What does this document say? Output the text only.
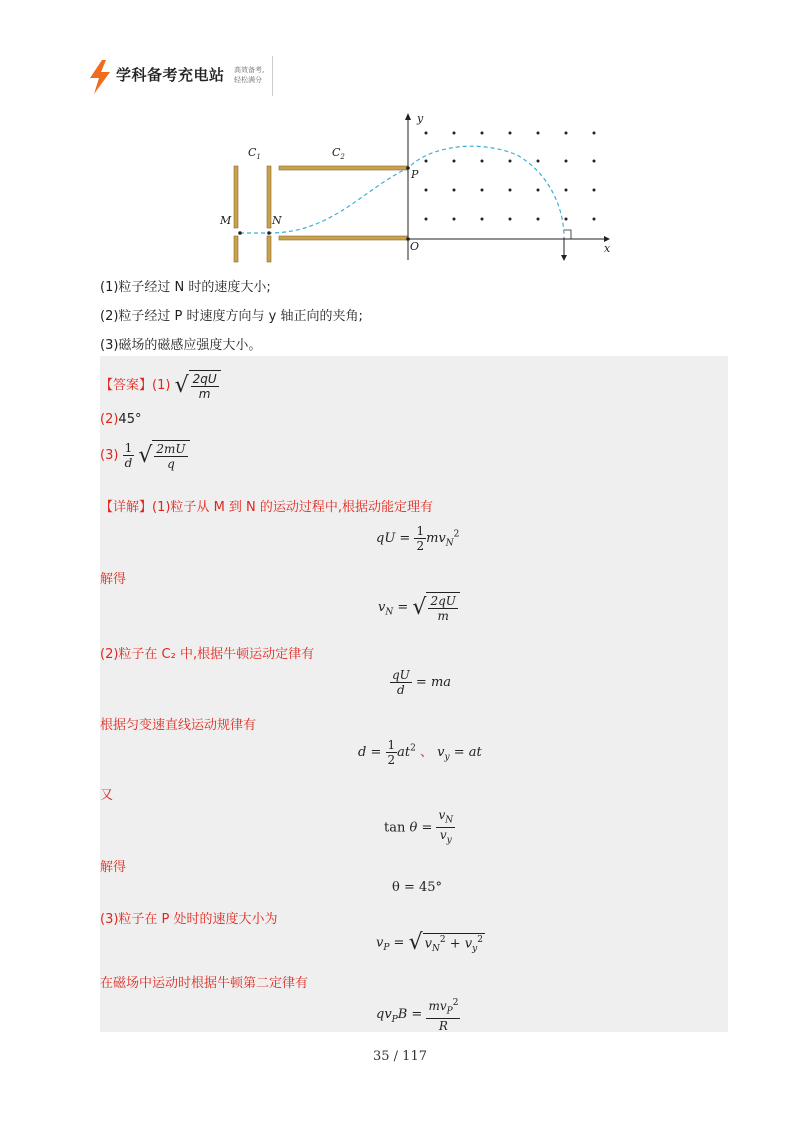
学科备考充电站 高效备考,
轻松满分
$C_1$	$C_2$
M	N
P
O	x
y
(1)粒子经过 N 时的速度大小;
(2)粒子经过 P 时速度方向与 y 轴正向的夹角;
(3)磁场的磁感应强度大小。
【答案】(1) √ $\frac{2qU}{m}$
(2)45°
$(3) \frac{1}{d}$
√ $\frac{2mU}{q}$
【详解】(1)粒子从 M 到 N 的运动过程中,根据动能定理有
qU = $\frac{1}{2} mv_N^2$
解得
$v_N$ = √ $\frac{2qU}{m}$
(2)粒子在 C₂ 中,根据牛顿运动定律有
$\frac{qU}{d}$ = ma
根据匀变速直线运动规律有
$d = \frac{1}{2} at^2$ 、 $v_y$ = at
又
$\tan \theta = \frac{v_N}{v_y}$
解得
θ = 45°
(3)粒子在 P 处时的速度大小为
$v_P$ = √ $v_N^2 + v_y^2$
在磁场中运动时根据牛顿第二定律有
$qv_PB = \frac{mv_P^2}{R}$
35 / 117
